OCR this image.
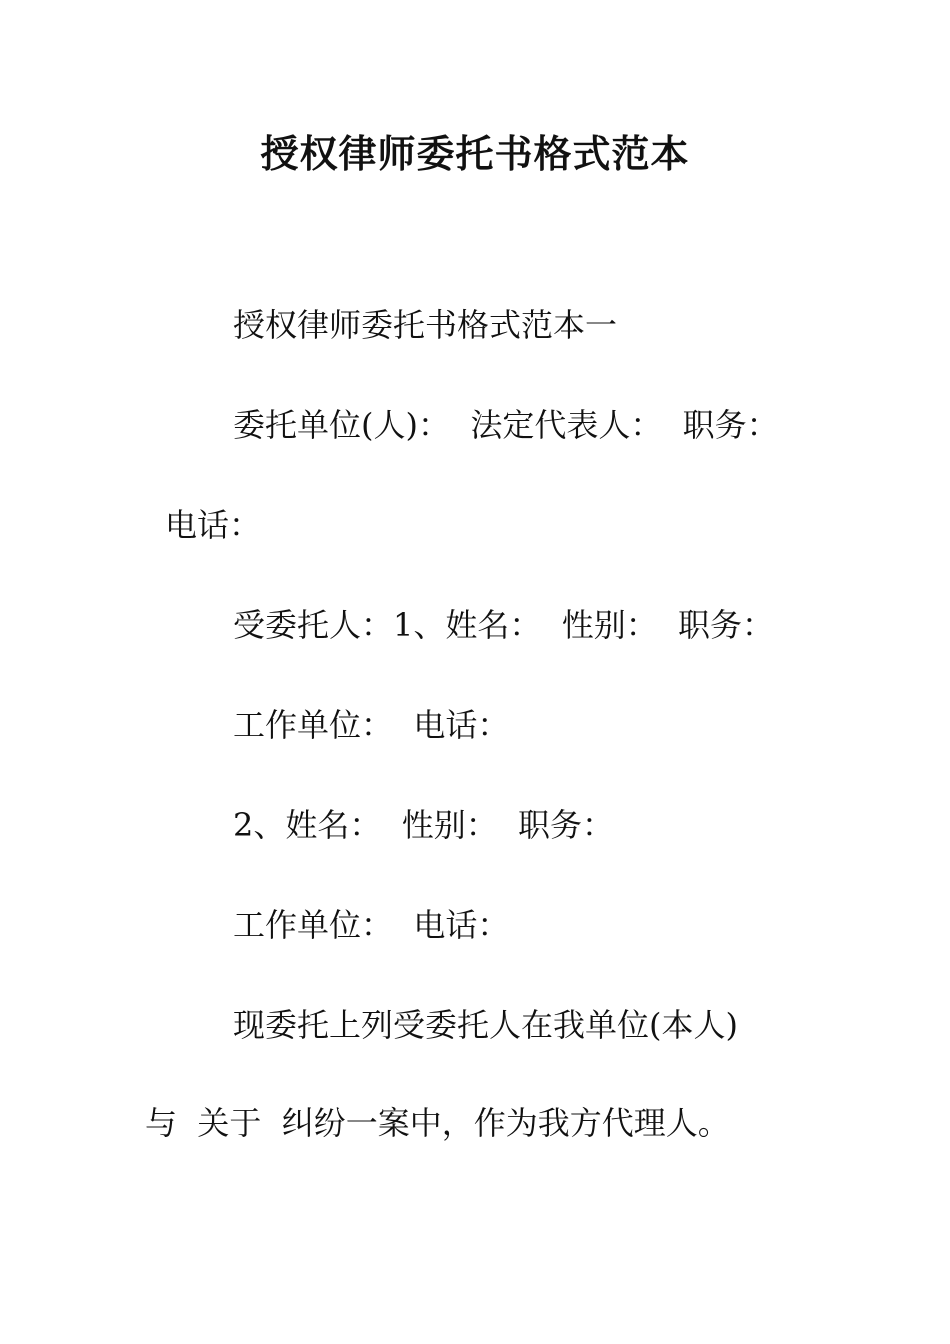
授权律师委托书格式范本
授权律师委托书格式范本一
委托单位(人)：  法定代表人：  职务：
电话：
受委托人：1、姓名：  性别：  职务：
工作单位：  电话：
2、姓名：  性别：  职务：
工作单位：  电话：
现委托上列受委托人在我单位(本人)
与  关于  纠纷一案中，作为我方代理人。
